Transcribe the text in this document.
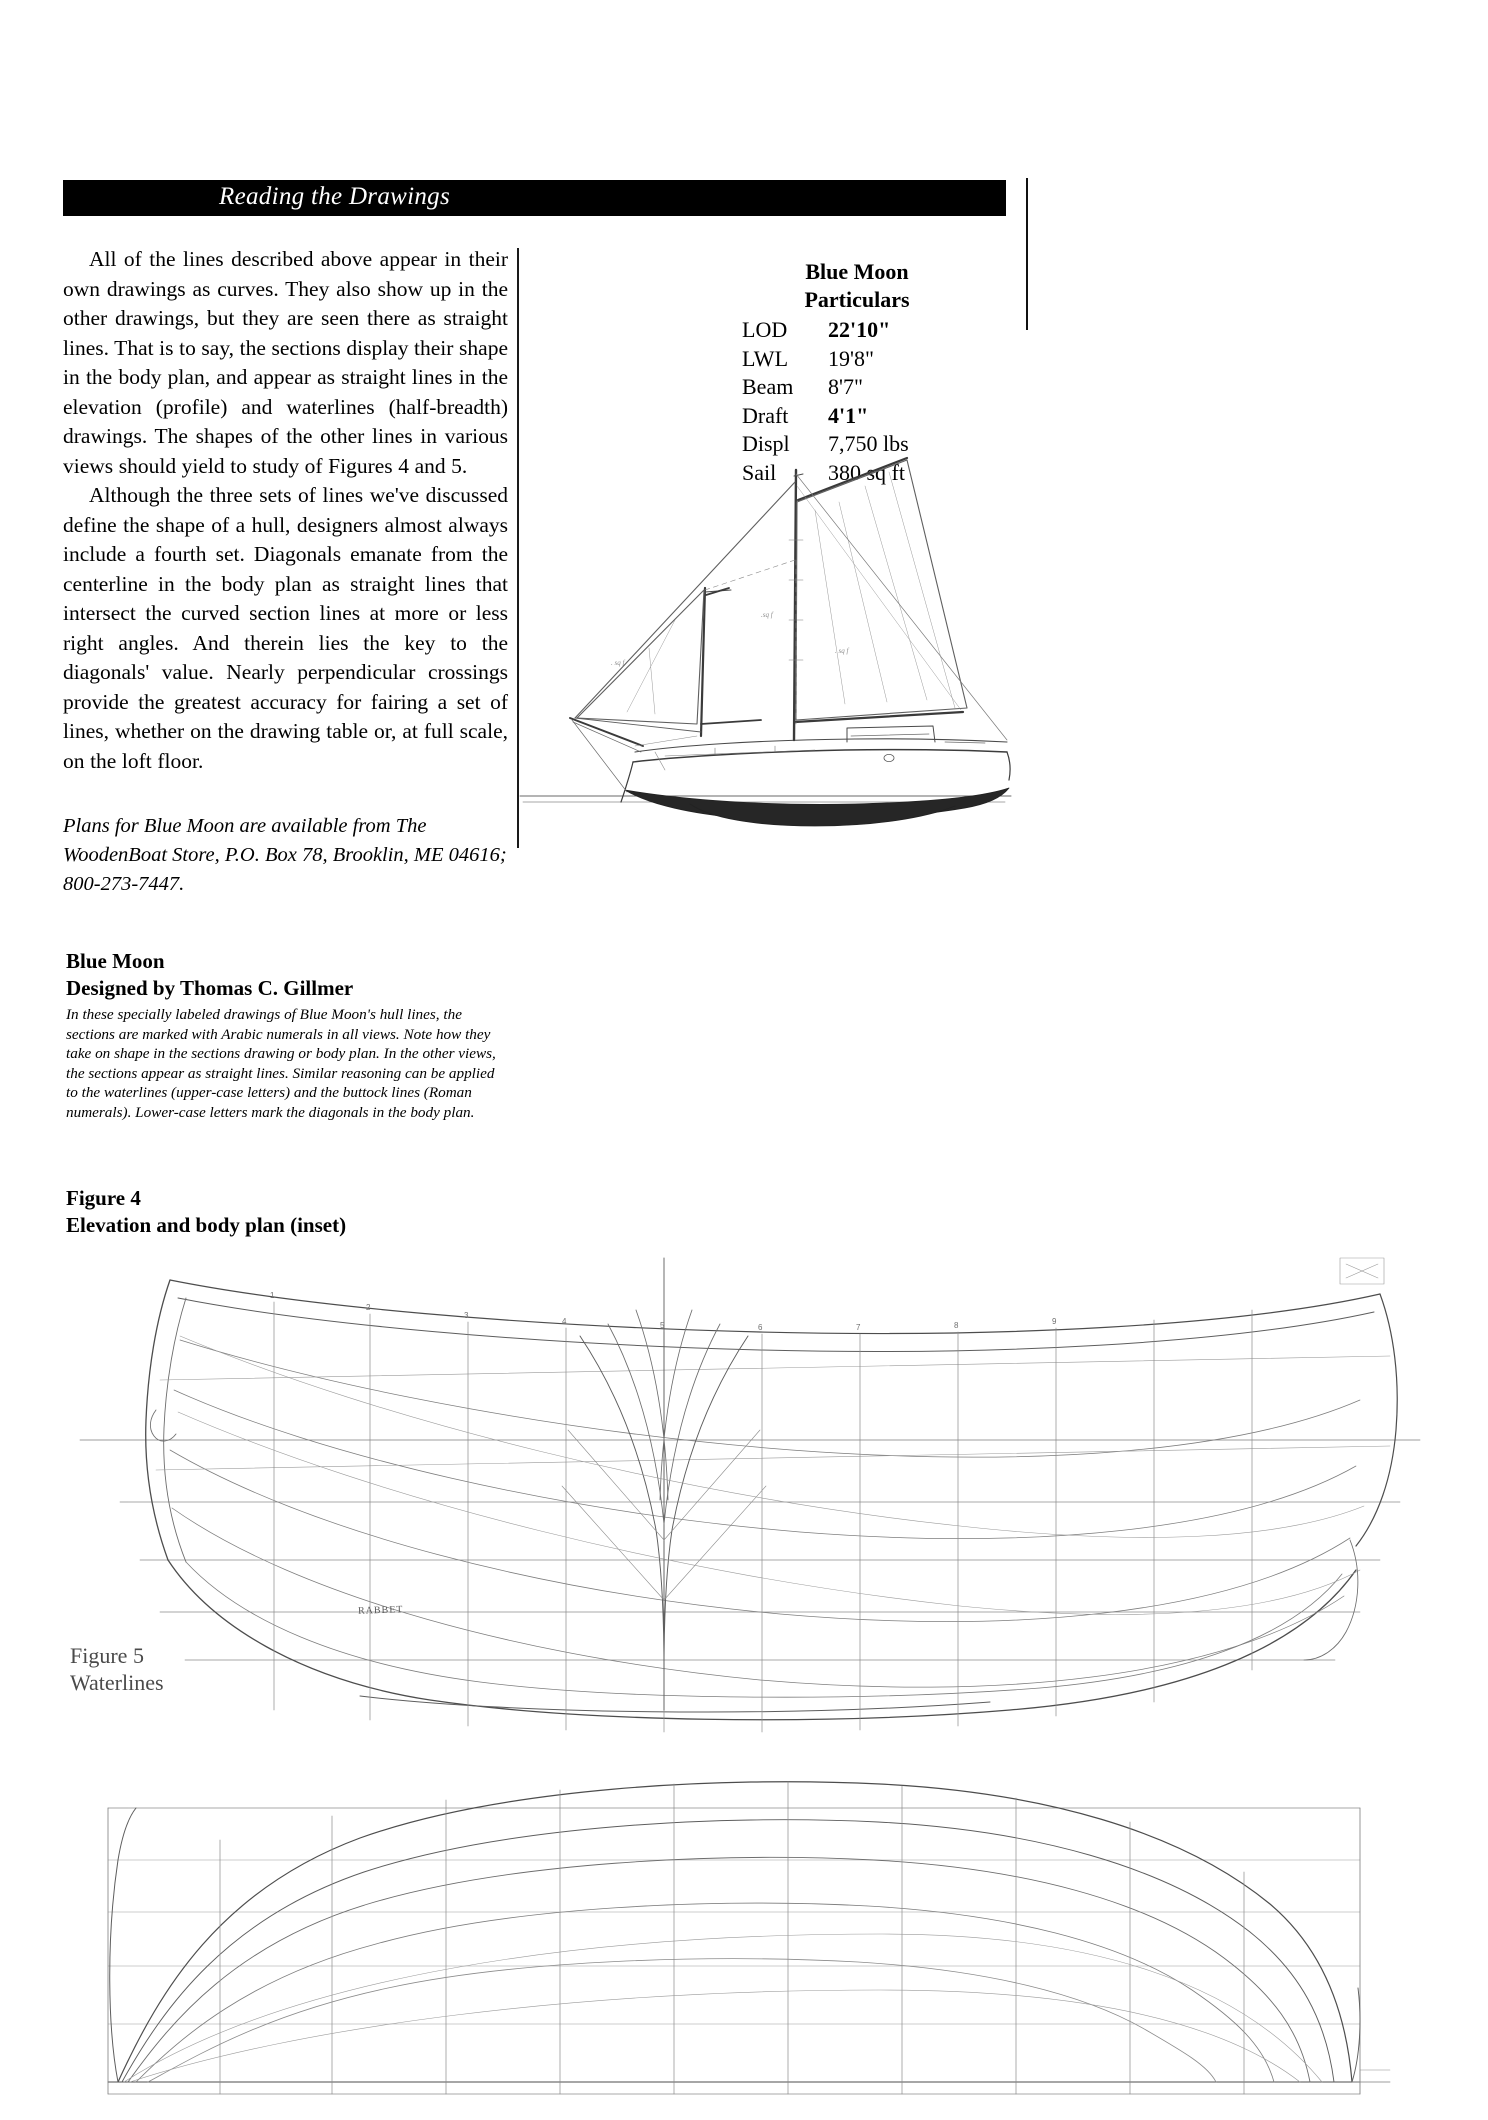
Reading the Drawings

All of the lines described above appear in their own drawings as curves. They also show up in the other drawings, but they are seen there as straight lines. That is to say, the sections display their shape in the body plan, and appear as straight lines in the elevation (profile) and waterlines (half-breadth) drawings. The shapes of the other lines in various views should yield to study of Figures 4 and 5.

Although the three sets of lines we've discussed define the shape of a hull, designers almost always include a fourth set. Diagonals emanate from the centerline in the body plan as straight lines that intersect the curved section lines at more or less right angles. And therein lies the key to the diagonals' value. Nearly perpendicular crossings provide the greatest accuracy for fairing a set of lines, whether on the drawing table or, at full scale, on the loft floor.

Plans for Blue Moon are available from The WoodenBoat Store, P.O. Box 78, Brooklin, ME 04616; 800-273-7447.

Blue Moon
Particulars
LOD	22'10"
LWL	19'8"
Beam	8'7"
Draft	4'1"
Displ	7,750 lbs
Sail	380 sq ft
. sq f
.sq f
. sq f
Blue Moon
Designed by Thomas C. Gillmer
In these specially labeled drawings of Blue Moon's hull lines, the sections are marked with Arabic numerals in all views. Note how they take on shape in the sections drawing or body plan. In the other views, the sections appear as straight lines. Similar reasoning can be applied to the waterlines (upper-case letters) and the buttock lines (Roman numerals). Lower-case letters mark the diagonals in the body plan.
Figure 4
Elevation and body plan (inset)
1
2
3
4	5	6	7	8	9
RABBET
Figure 5
Waterlines
